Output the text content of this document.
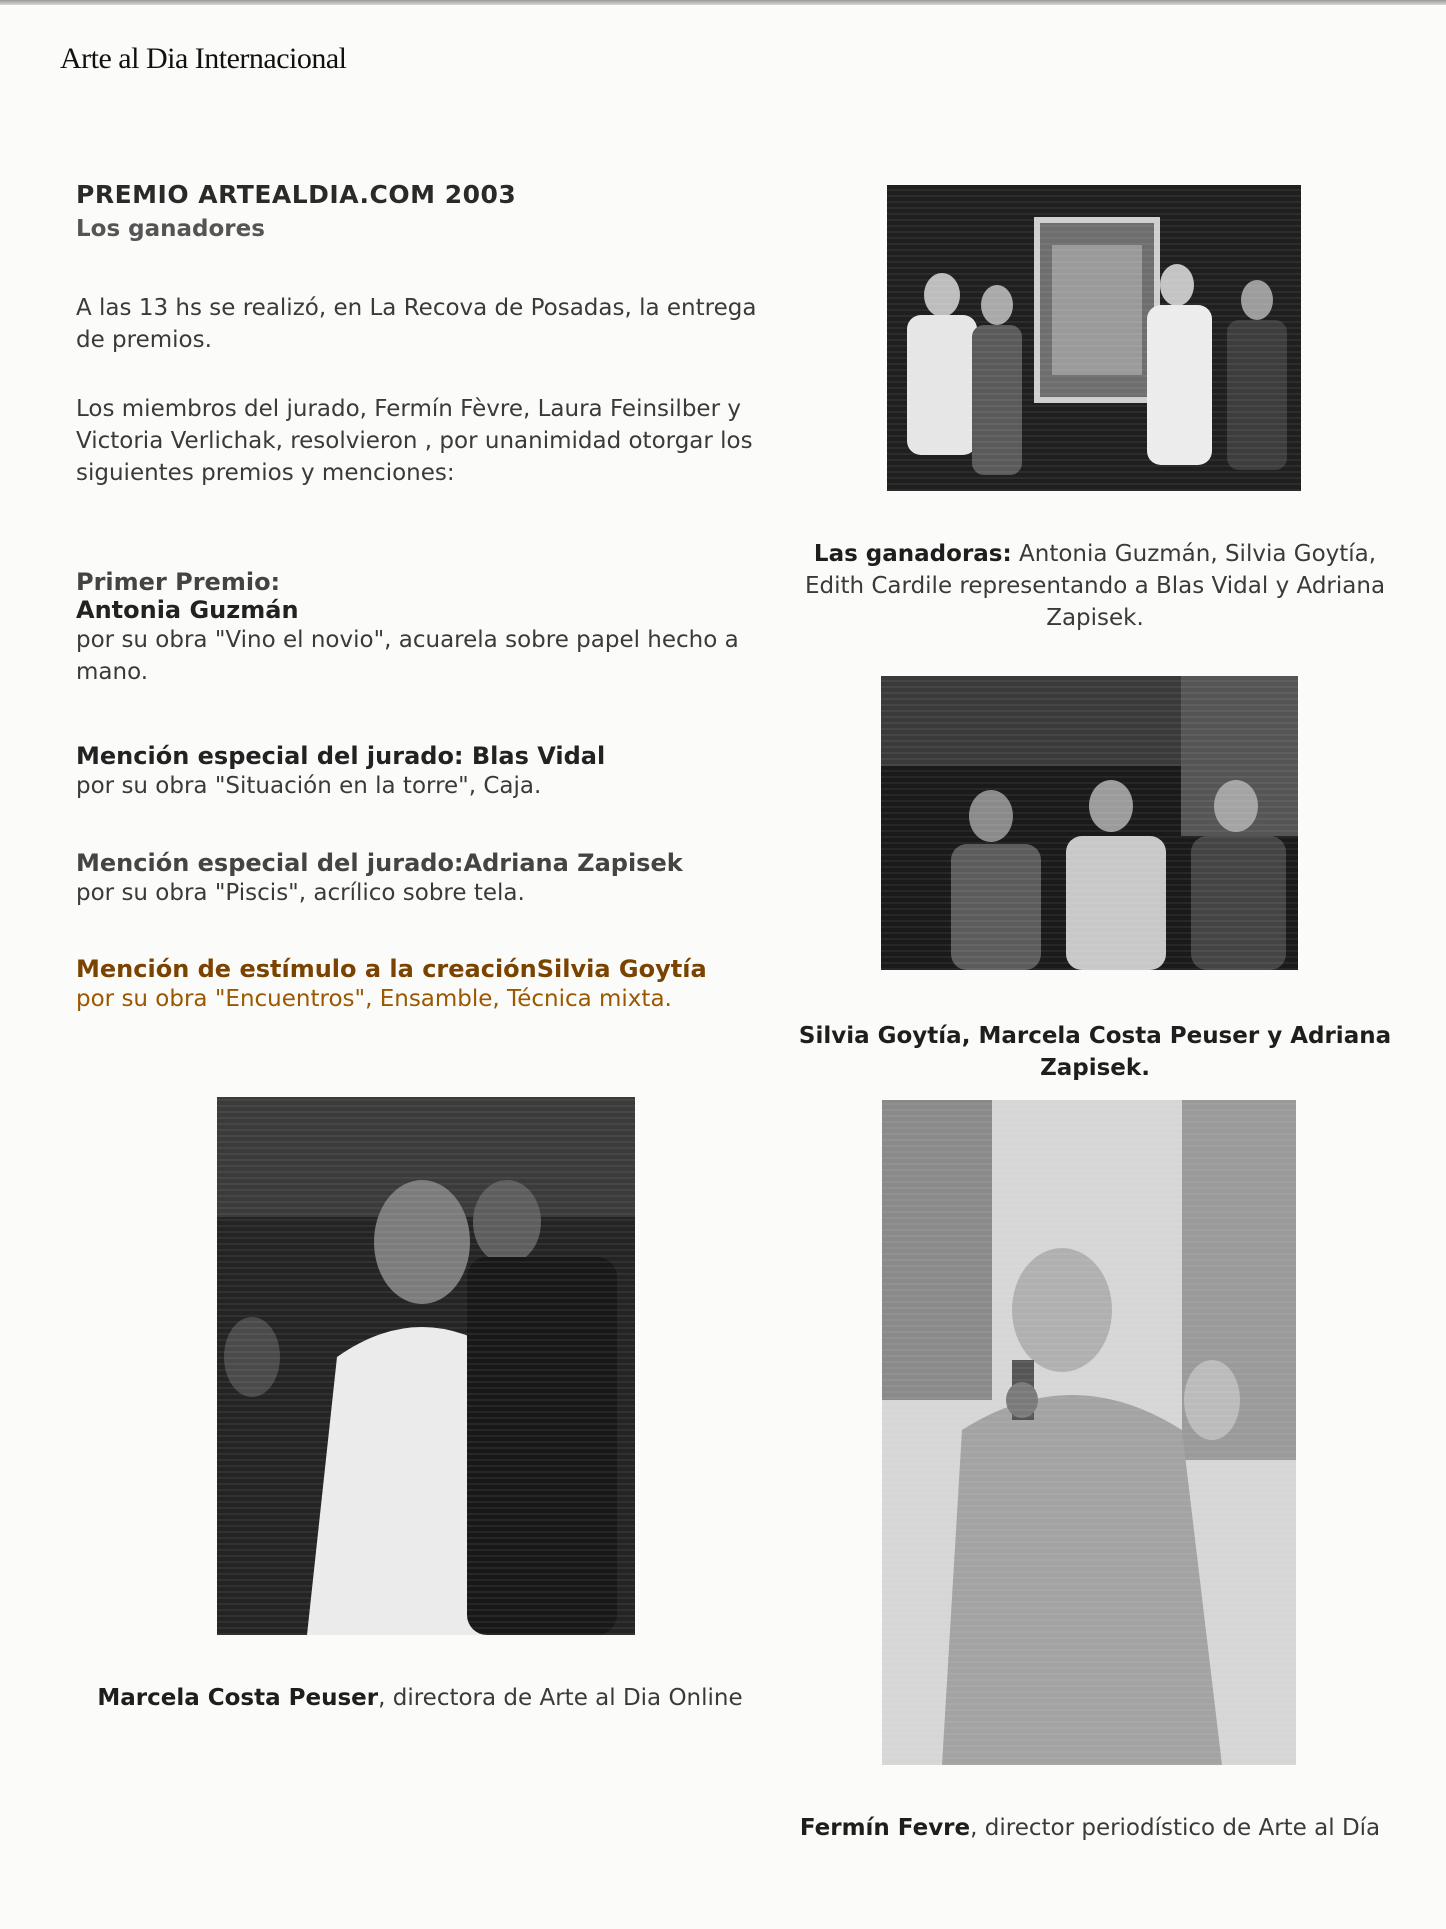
Arte al Dia Internacional
PREMIO ARTEALDIA.COM 2003
Los ganadores
A las 13 hs se realizó, en La Recova de Posadas, la entrega de premios.
Los miembros del jurado, Fermín Fèvre, Laura Feinsilber y Victoria Verlichak, resolvieron , por unanimidad otorgar los siguientes premios y menciones:
Primer Premio:
Antonia Guzmán
por su obra "Vino el novio", acuarela sobre papel hecho a mano.
Mención especial del jurado: Blas Vidal
por su obra "Situación en la torre", Caja.
Mención especial del jurado:Adriana Zapisek
por su obra "Piscis", acrílico sobre tela.
Mención de estímulo a la creaciónSilvia Goytía
por su obra "Encuentros", Ensamble, Técnica mixta.
Las ganadoras: Antonia Guzmán, Silvia Goytía, Edith Cardile representando a Blas Vidal y Adriana Zapisek.
Silvia Goytía, Marcela Costa Peuser y Adriana Zapisek.
Marcela Costa Peuser, directora de Arte al Dia Online
Fermín Fevre, director periodístico de Arte al Día
